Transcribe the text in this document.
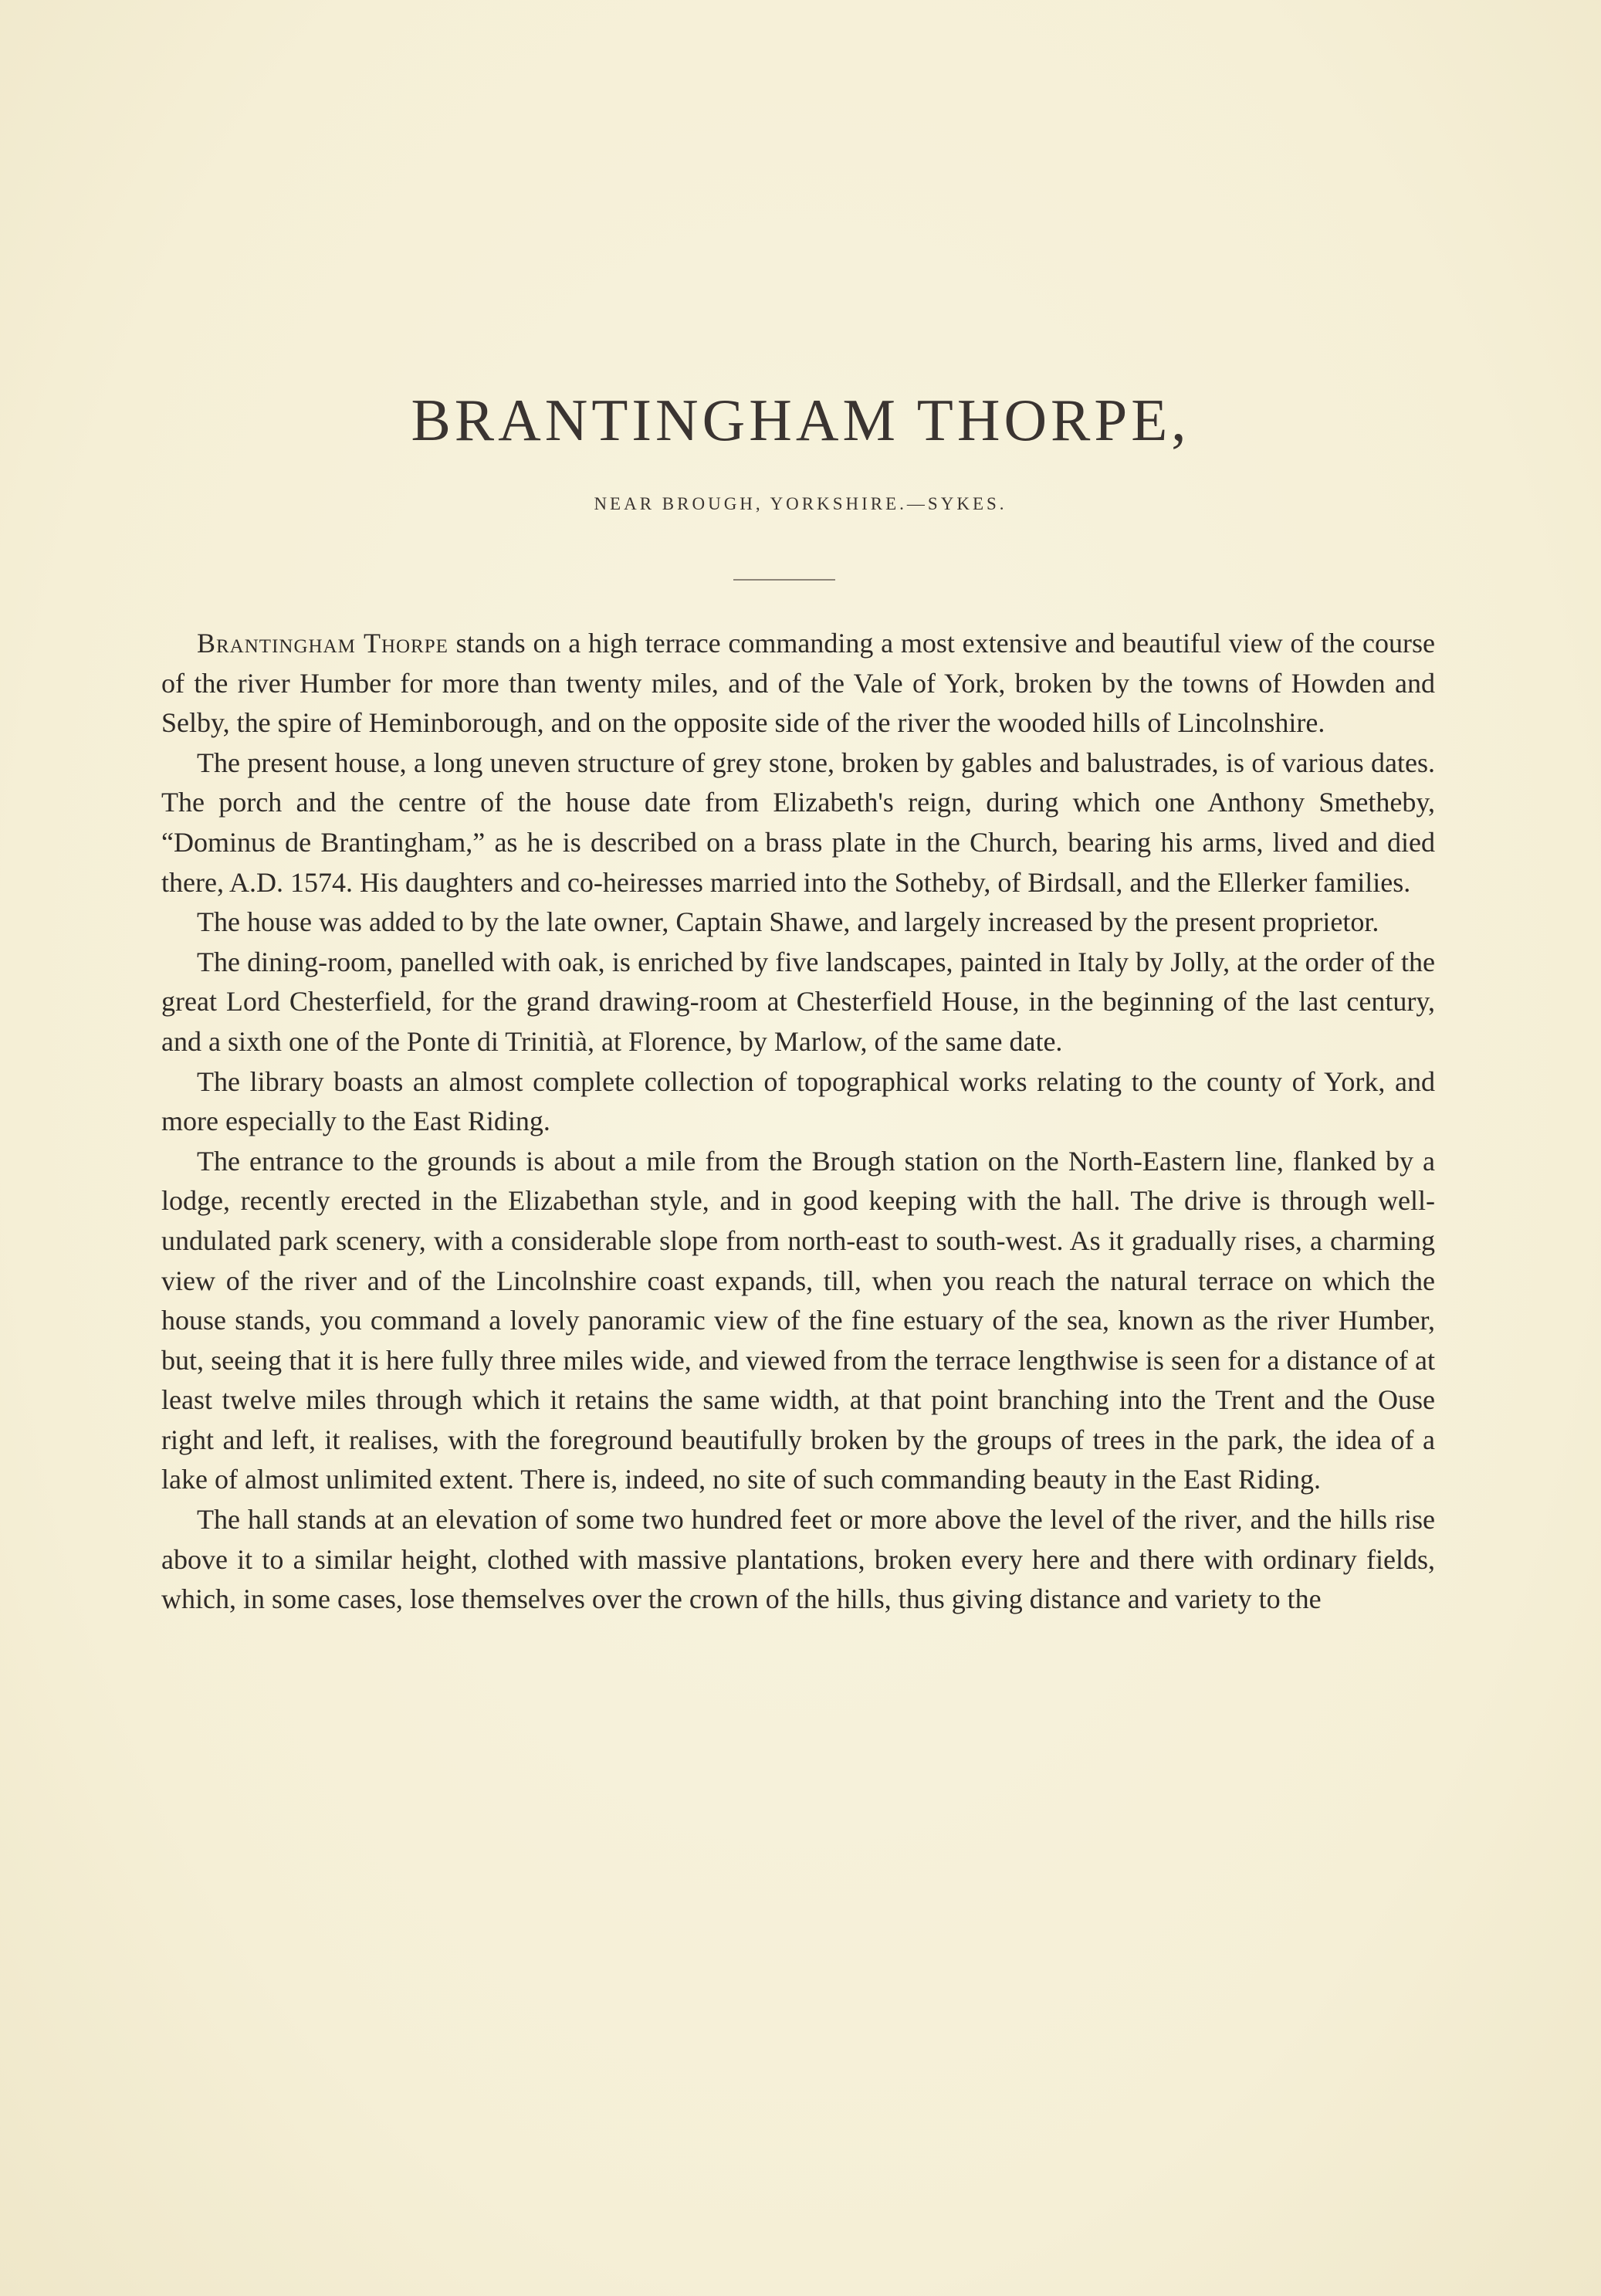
BRANTINGHAM THORPE,
NEAR BROUGH, YORKSHIRE.—SYKES.

Brantingham Thorpe stands on a high terrace commanding a most extensive and beautiful view of the course of the river Humber for more than twenty miles, and of the Vale of York, broken by the towns of Howden and Selby, the spire of Heminborough, and on the opposite side of the river the wooded hills of Lincolnshire.

The present house, a long uneven structure of grey stone, broken by gables and balustrades, is of various dates. The porch and the centre of the house date from Elizabeth's reign, during which one Anthony Smetheby, “Dominus de Brantingham,” as he is described on a brass plate in the Church, bearing his arms, lived and died there, A.D. 1574. His daughters and co-heiresses married into the Sotheby, of Birdsall, and the Ellerker families.

The house was added to by the late owner, Captain Shawe, and largely increased by the present proprietor.

The dining-room, panelled with oak, is enriched by five landscapes, painted in Italy by Jolly, at the order of the great Lord Chesterfield, for the grand drawing-room at Chesterfield House, in the beginning of the last century, and a sixth one of the Ponte di Trinitià, at Florence, by Marlow, of the same date.

The library boasts an almost complete collection of topographical works relating to the county of York, and more especially to the East Riding.

The entrance to the grounds is about a mile from the Brough station on the North-Eastern line, flanked by a lodge, recently erected in the Elizabethan style, and in good keeping with the hall. The drive is through well-undulated park scenery, with a considerable slope from north-east to south-west. As it gradually rises, a charming view of the river and of the Lincolnshire coast expands, till, when you reach the natural terrace on which the house stands, you command a lovely panoramic view of the fine estuary of the sea, known as the river Humber, but, seeing that it is here fully three miles wide, and viewed from the terrace lengthwise is seen for a distance of at least twelve miles through which it retains the same width, at that point branching into the Trent and the Ouse right and left, it realises, with the foreground beautifully broken by the groups of trees in the park, the idea of a lake of almost unlimited extent. There is, indeed, no site of such commanding beauty in the East Riding.

The hall stands at an elevation of some two hundred feet or more above the level of the river, and the hills rise above it to a similar height, clothed with massive plantations, broken every here and there with ordinary fields, which, in some cases, lose themselves over the crown of the hills, thus giving distance and variety to the
